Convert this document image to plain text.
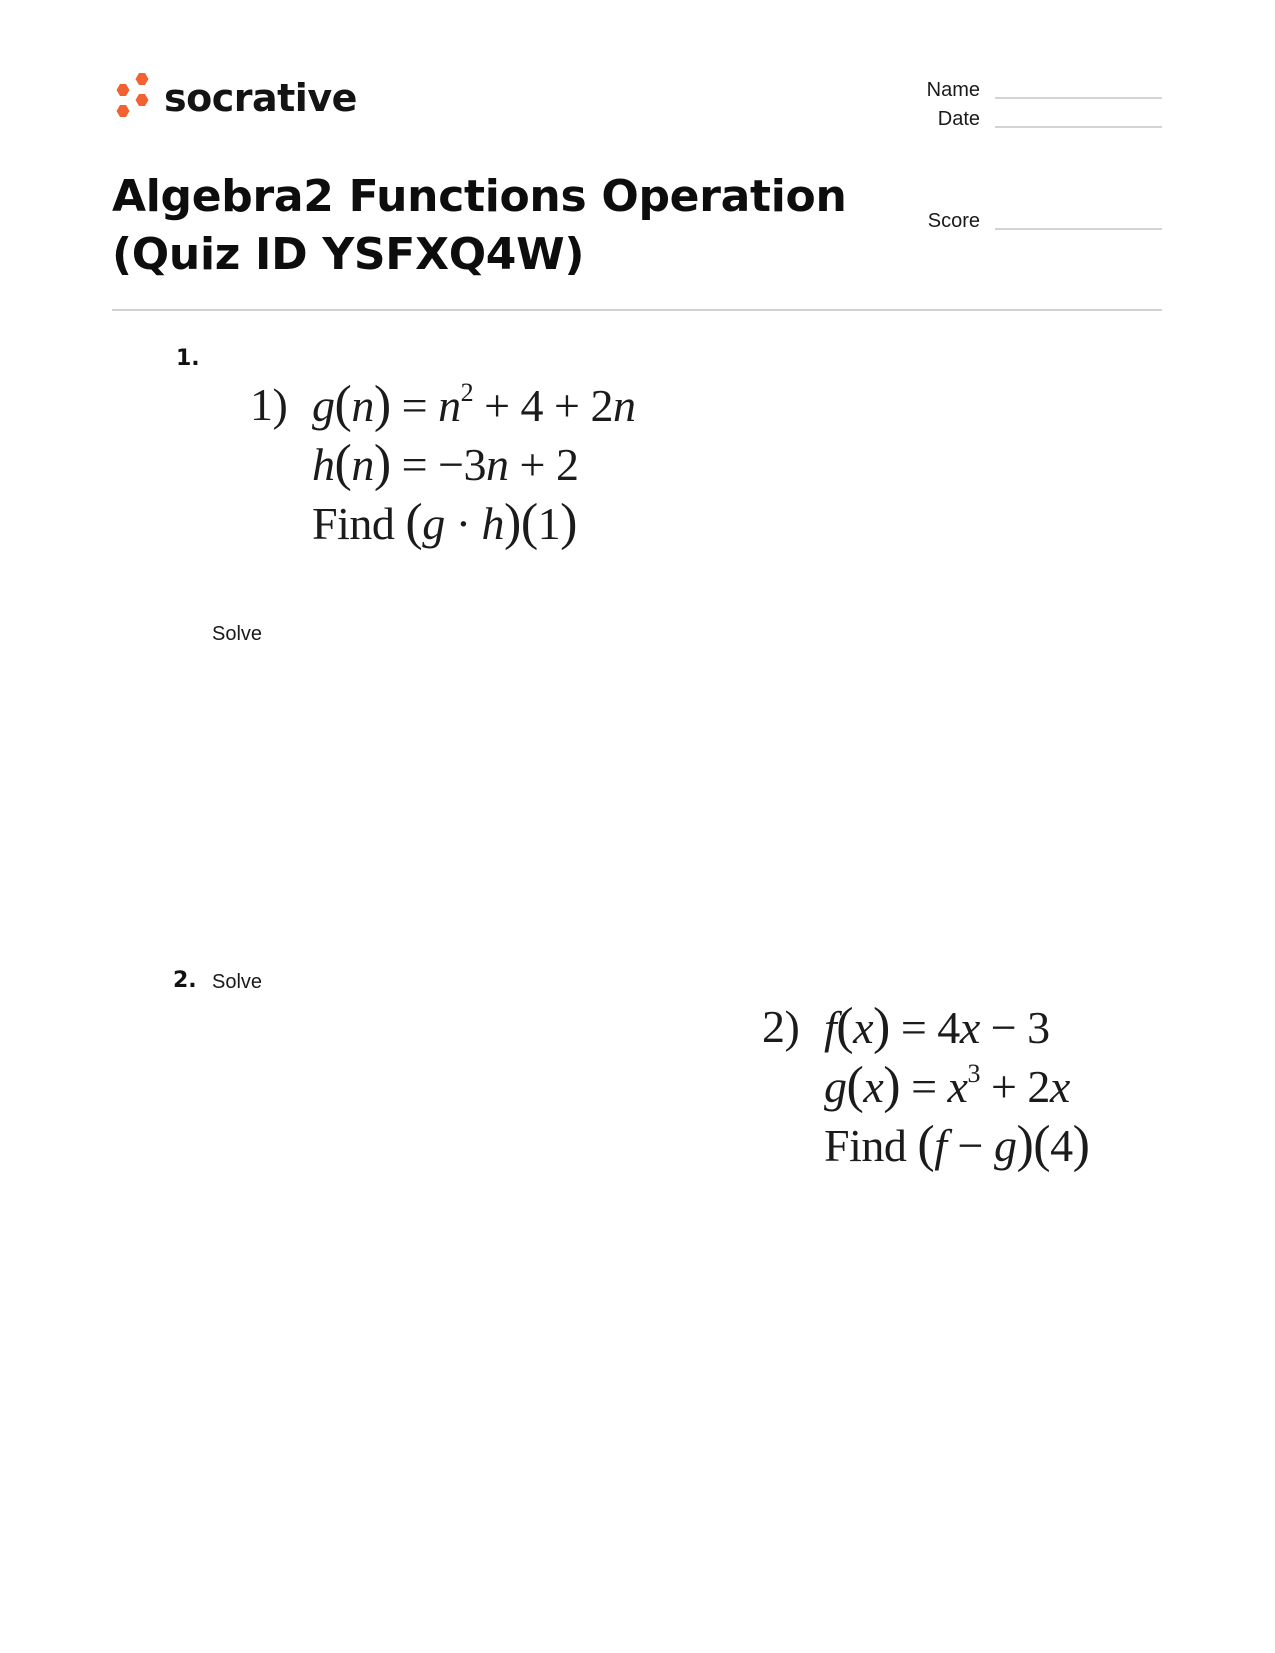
socrative	Name
Date
Score
Algebra2 Functions Operation
(Quiz ID YSFXQ4W)
1.
1) $g(n) = n^2 + 4 + 2n$
h(n) = −3n + 2
Find (g · h)(1)
Solve
2. Solve
2) f(x) = 4x − 3
$g(x) = x^3 + 2x$
Find (f − g)(4)
